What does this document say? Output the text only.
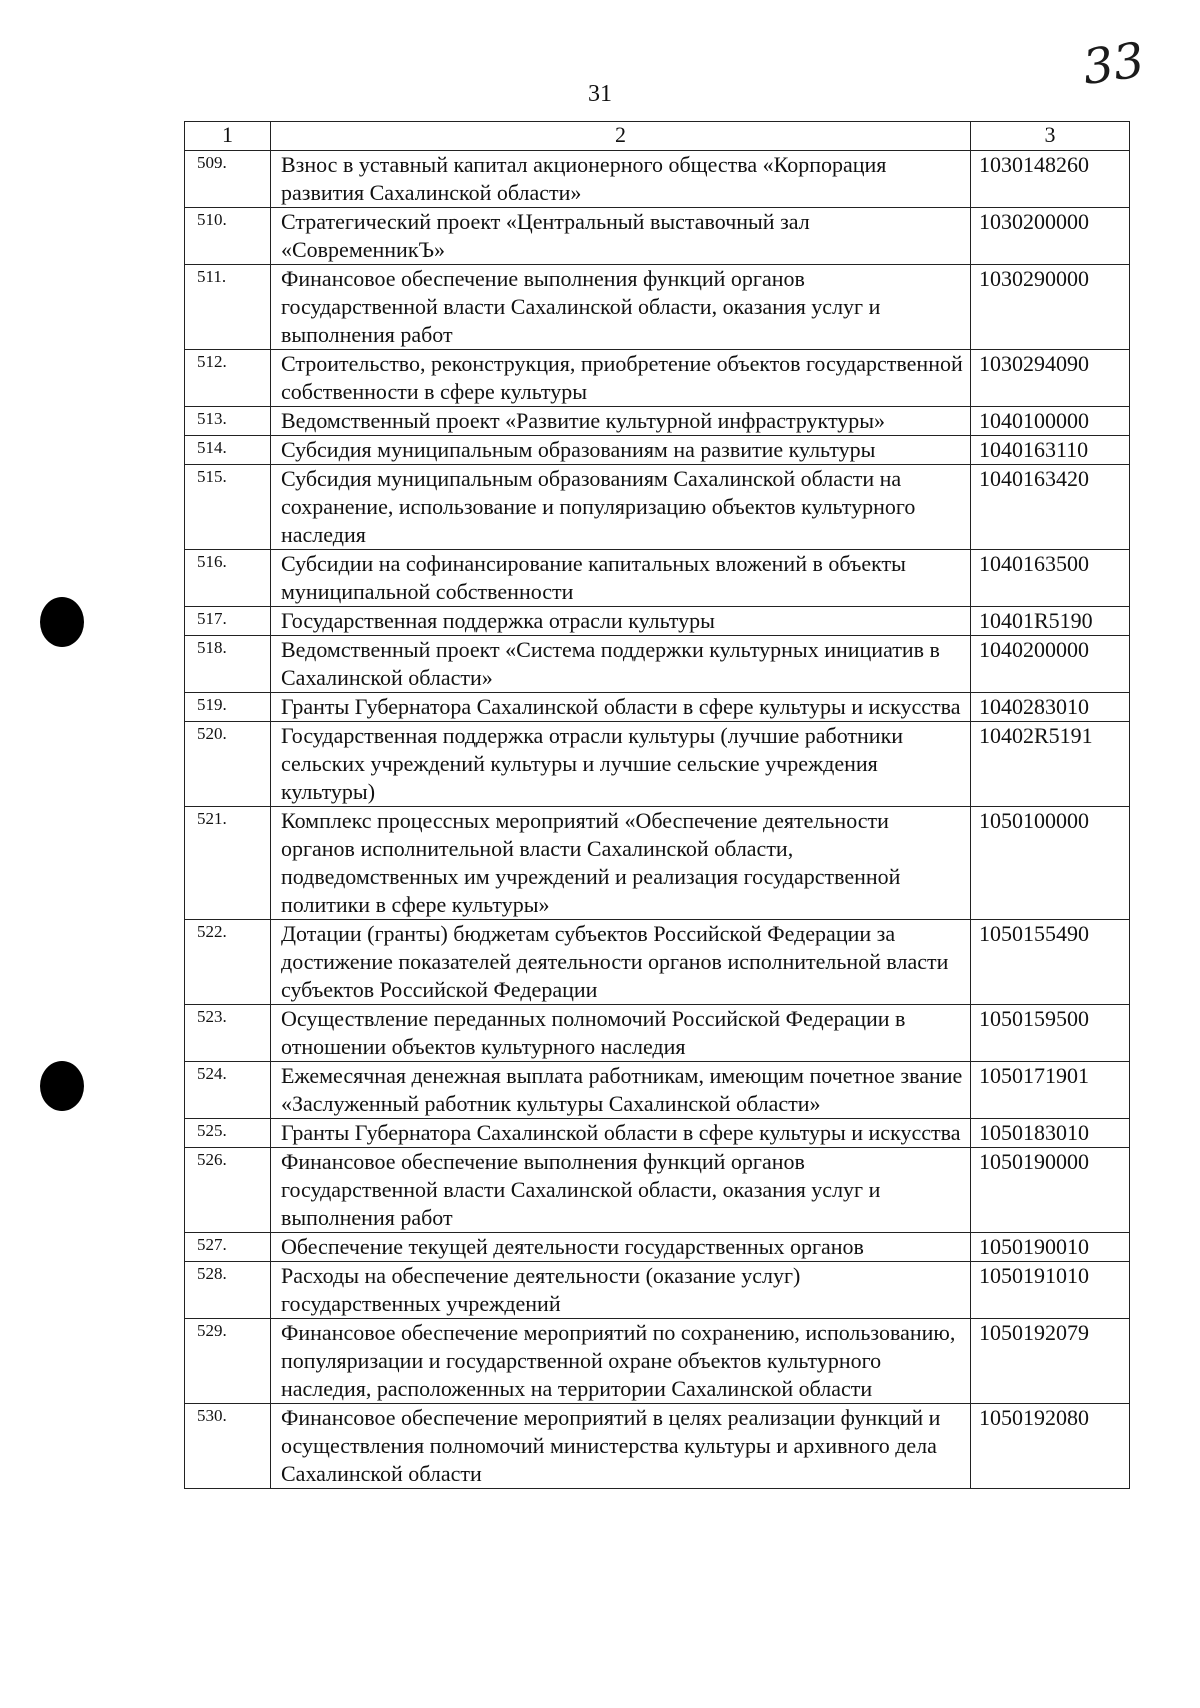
31	33
1	2	3
509.	Взнос в уставный капитал акционерного общества «Корпорация развития Сахалинской области»	1030148260
510.	Стратегический проект «Центральный выставочный зал «СовременникЪ»	1030200000
511.	Финансовое обеспечение выполнения функций органов государственной власти Сахалинской области, оказания услуг и выполнения работ	1030290000
512.	Строительство, реконструкция, приобретение объектов государственной собственности в сфере культуры	1030294090
513.	Ведомственный проект «Развитие культурной инфраструктуры»	1040100000
514.	Субсидия муниципальным образованиям на развитие культуры	1040163110
515.	Субсидия муниципальным образованиям Сахалинской области на сохранение, использование и популяризацию объектов культурного наследия	1040163420
516.	Субсидии на софинансирование капитальных вложений в объекты муниципальной собственности	1040163500
517.	Государственная поддержка отрасли культуры	10401R5190
518.	Ведомственный проект «Система поддержки культурных инициатив в Сахалинской области»	1040200000
519.	Гранты Губернатора Сахалинской области в сфере культуры и искусства	1040283010
520.	Государственная поддержка отрасли культуры (лучшие работники сельских учреждений культуры и лучшие сельские учреждения культуры)	10402R5191
521.	Комплекс процессных мероприятий «Обеспечение деятельности органов исполнительной власти Сахалинской области, подведомственных им учреждений и реализация государственной политики в сфере культуры»	1050100000
522.	Дотации (гранты) бюджетам субъектов Российской Федерации за достижение показателей деятельности органов исполнительной власти субъектов Российской Федерации	1050155490
523.	Осуществление переданных полномочий Российской Федерации в отношении объектов культурного наследия	1050159500
524.	Ежемесячная денежная выплата работникам, имеющим почетное звание «Заслуженный работник культуры Сахалинской области»	1050171901
525.	Гранты Губернатора Сахалинской области в сфере культуры и искусства	1050183010
526.	Финансовое обеспечение выполнения функций органов государственной власти Сахалинской области, оказания услуг и выполнения работ	1050190000
527.	Обеспечение текущей деятельности государственных органов	1050190010
528.	Расходы на обеспечение деятельности (оказание услуг) государственных учреждений	1050191010
529.	Финансовое обеспечение мероприятий по сохранению, использованию, популяризации и государственной охране объектов культурного наследия, расположенных на территории Сахалинской области	1050192079
530.	Финансовое обеспечение мероприятий в целях реализации функций и осуществления полномочий министерства культуры и архивного дела Сахалинской области	1050192080
